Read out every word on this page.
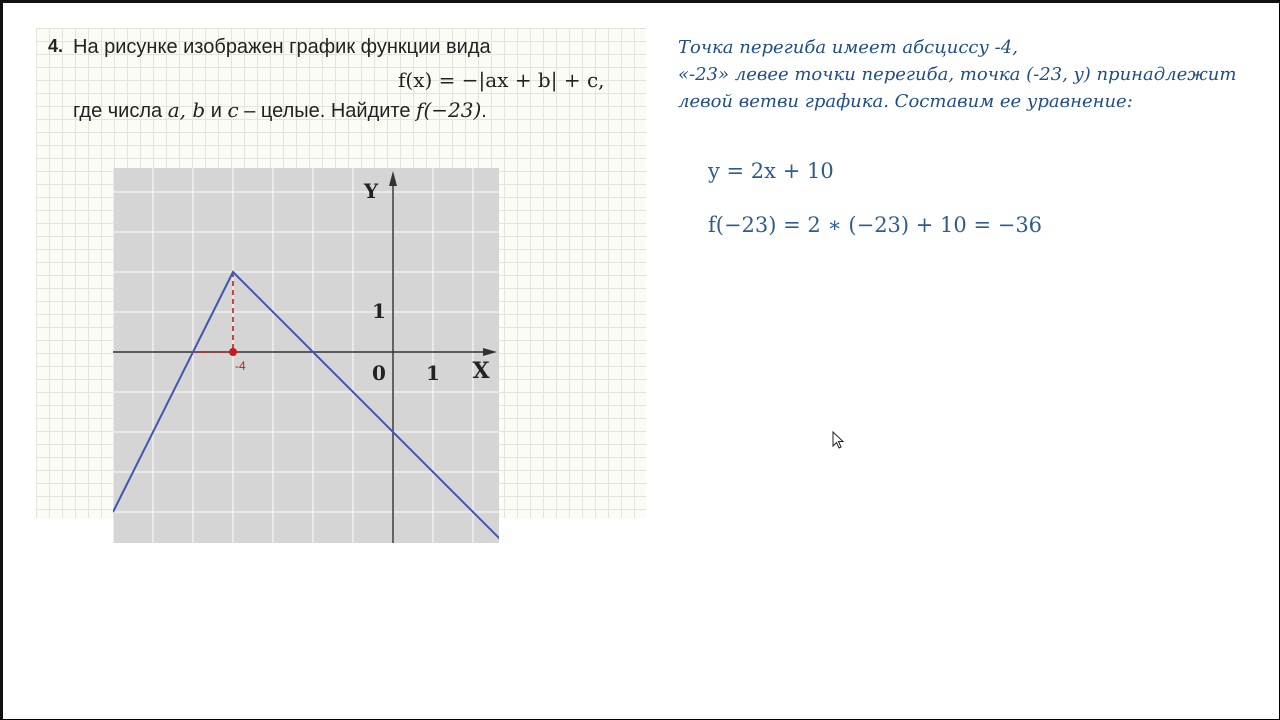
4. На рисунке изображен график функции вида
f(x) = −|ax + b| + c,
где числа a, b и c – целые. Найдите f(−23).
Y
X
0 1
1
-4
Точка перегиба имеет абсциссу -4,
«-23» левее точки перегиба, точка (-23, y) принадлежит
левой ветви графика. Составим ее уравнение:
y = 2x + 10
f(−23) = 2 ∗ (−23) + 10 = −36
